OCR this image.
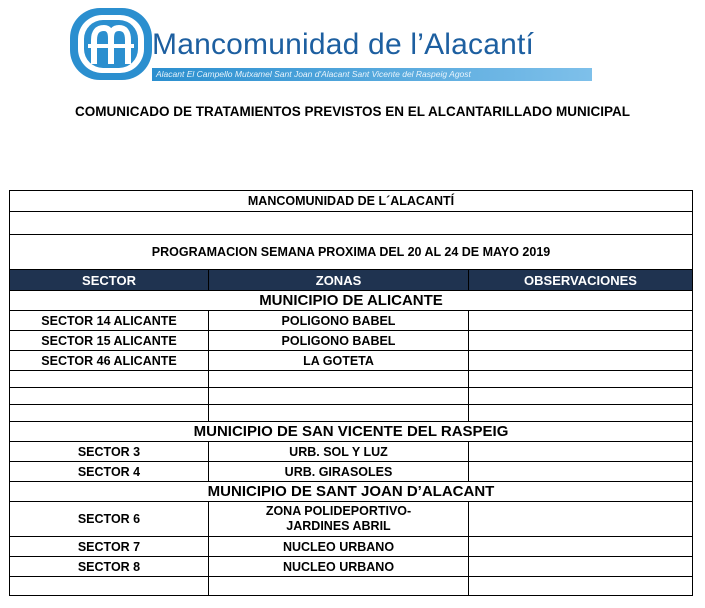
Mancomunidad de l’Alacantí
Alacant El Campello Mutxamel Sant Joan d'Alacant Sant Vicente del Raspeig Agost
COMUNICADO DE TRATAMIENTOS PREVISTOS EN EL ALCANTARILLADO MUNICIPAL
MANCOMUNIDAD DE L´ALACANTÍ		

PROGRAMACION SEMANA PROXIMA DEL 20 AL 24 DE MAYO 2019		
SECTOR	ZONAS	OBSERVACIONES
MUNICIPIO DE ALICANTE		
SECTOR 14 ALICANTE	POLIGONO BABEL	
SECTOR 15 ALICANTE	POLIGONO BABEL	
SECTOR 46 ALICANTE	LA GOTETA	

MUNICIPIO DE SAN VICENTE DEL RASPEIG		
SECTOR 3	URB. SOL Y LUZ	
SECTOR 4	URB. GIRASOLES	
MUNICIPIO DE SANT JOAN D’ALACANT		
SECTOR 6	ZONA POLIDEPORTIVO-
JARDINES ABRIL	
SECTOR 7	NUCLEO URBANO	
SECTOR 8	NUCLEO URBANO	
